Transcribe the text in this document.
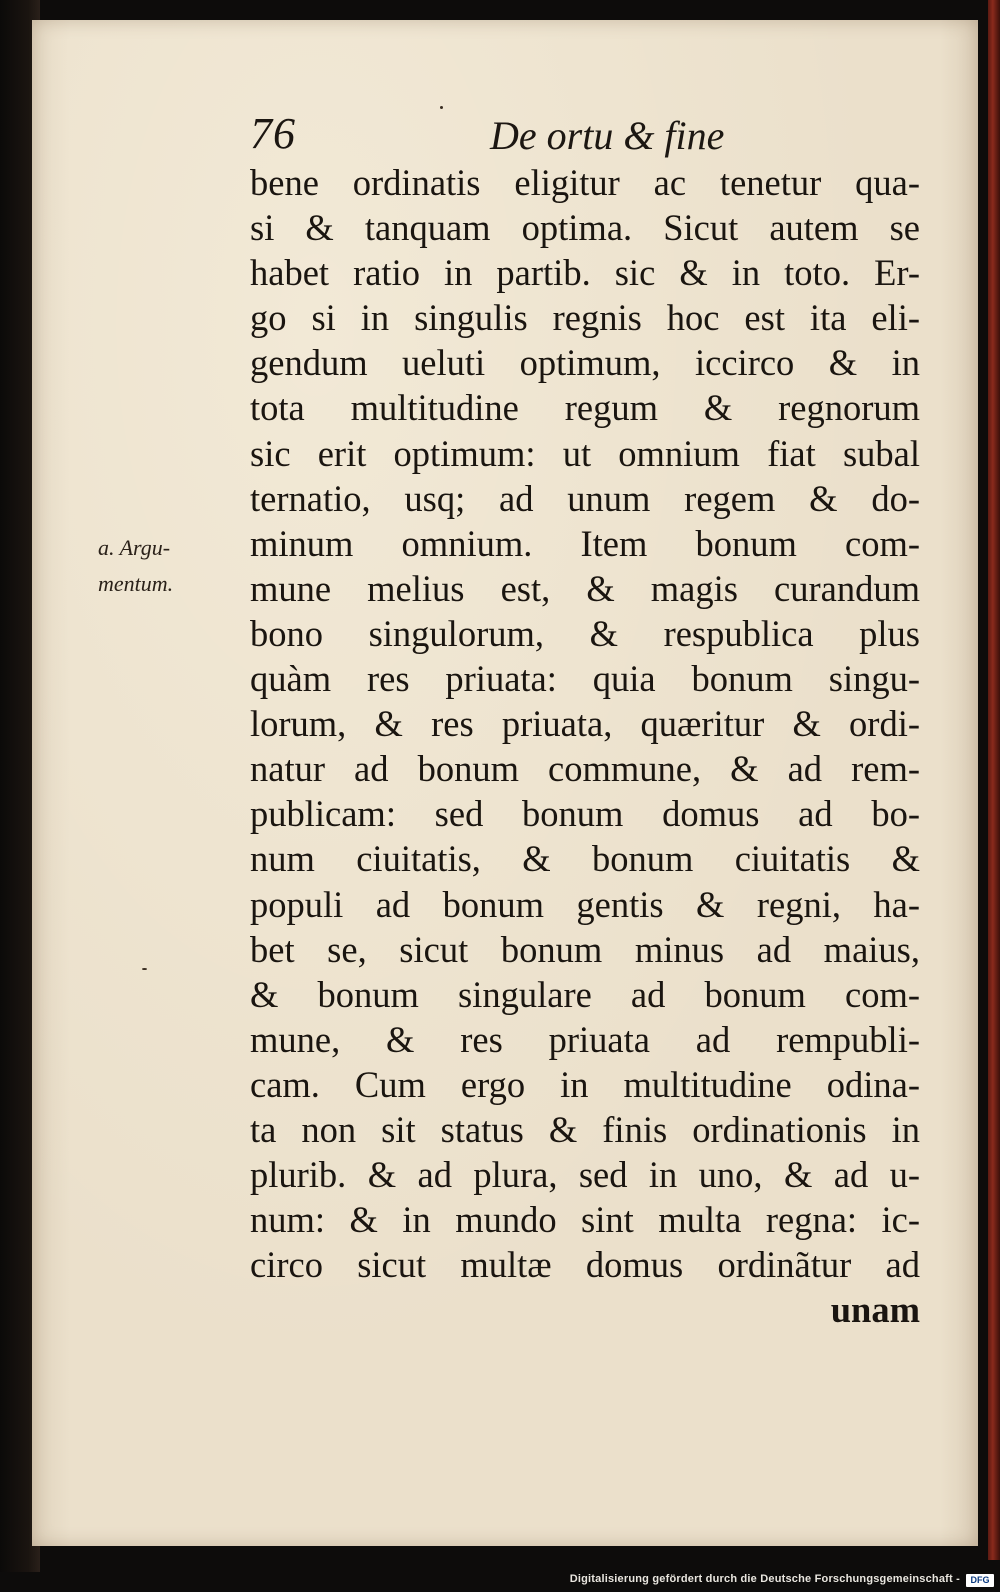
76	De ortu & fine
a. Argu-
mentum.
bene ordinatis eligitur ac tenetur qua-
si & tanquam optima. Sicut autem se
habet ratio in partib. sic & in toto. Er-
go si in singulis regnis hoc est ita eli-
gendum ueluti optimum, iccirco & in
tota multitudine regum & regnorum
sic erit optimum: ut omnium fiat subal
ternatio, usq; ad unum regem & do-
minum omnium. Item bonum com-
mune melius est, & magis curandum
bono singulorum, & respublica plus
quàm res priuata: quia bonum singu-
lorum, & res priuata, quæritur & ordi-
natur ad bonum commune, & ad rem-
publicam: sed bonum domus ad bo-
num ciuitatis, & bonum ciuitatis &
populi ad bonum gentis & regni, ha-
bet se, sicut bonum minus ad maius,
& bonum singulare ad bonum com-
mune, & res priuata ad rempubli-
cam. Cum ergo in multitudine odina-
ta non sit status & finis ordinationis in
plurib. & ad plura, sed in uno, & ad u-
num: & in mundo sint multa regna: ic-
circo sicut multæ domus ordinãtur ad
unam
Digitalisierung gefördert durch die Deutsche Forschungsgemeinschaft -	DFG
